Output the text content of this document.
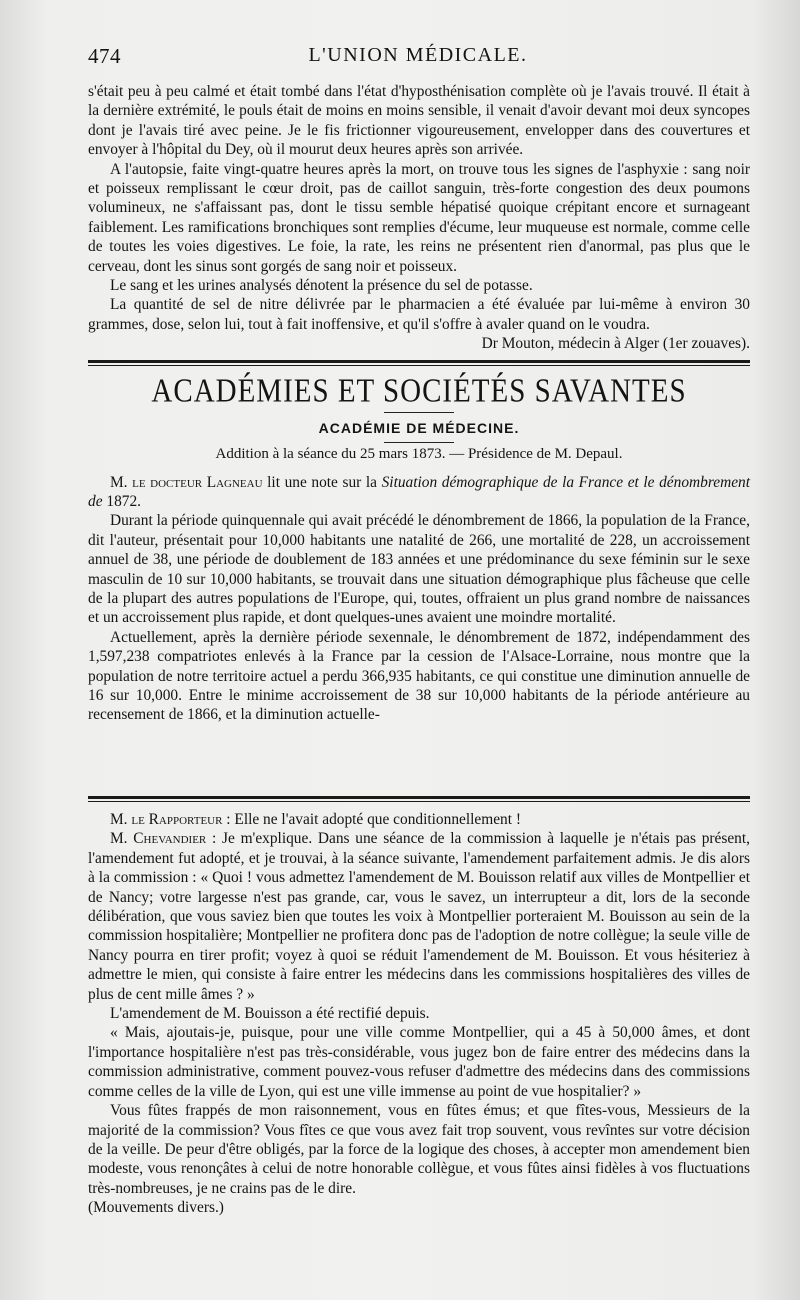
474	L'UNION MÉDICALE.

s'était peu à peu calmé et était tombé dans l'état d'hyposthénisation complète où je l'avais trouvé. Il était à la dernière extrémité, le pouls était de moins en moins sensible, il venait d'avoir devant moi deux syncopes dont je l'avais tiré avec peine. Je le fis frictionner vigoureusement, envelopper dans des couvertures et envoyer à l'hôpital du Dey, où il mourut deux heures après son arrivée.

A l'autopsie, faite vingt-quatre heures après la mort, on trouve tous les signes de l'asphyxie : sang noir et poisseux remplissant le cœur droit, pas de caillot sanguin, très-forte congestion des deux poumons volumineux, ne s'affaissant pas, dont le tissu semble hépatisé quoique crépitant encore et surnageant faiblement. Les ramifications bronchiques sont remplies d'écume, leur muqueuse est normale, comme celle de toutes les voies digestives. Le foie, la rate, les reins ne présentent rien d'anormal, pas plus que le cerveau, dont les sinus sont gorgés de sang noir et poisseux.

Le sang et les urines analysés dénotent la présence du sel de potasse.

La quantité de sel de nitre délivrée par le pharmacien a été évaluée par lui-même à environ 30 grammes, dose, selon lui, tout à fait inoffensive, et qu'il s'offre à avaler quand on le voudra.

Dr Mouton, médecin à Alger (1er zouaves).

ACADÉMIES ET SOCIÉTÉS SAVANTES
ACADÉMIE DE MÉDECINE.
Addition à la séance du 25 mars 1873. — Présidence de M. Depaul.

M. le docteur Lagneau lit une note sur la Situation démographique de la France et le dénombrement de 1872.

Durant la période quinquennale qui avait précédé le dénombrement de 1866, la population de la France, dit l'auteur, présentait pour 10,000 habitants une natalité de 266, une mortalité de 228, un accroissement annuel de 38, une période de doublement de 183 années et une prédominance du sexe féminin sur le sexe masculin de 10 sur 10,000 habitants, se trouvait dans une situation démographique plus fâcheuse que celle de la plupart des autres populations de l'Europe, qui, toutes, offraient un plus grand nombre de naissances et un accroissement plus rapide, et dont quelques-unes avaient une moindre mortalité.

Actuellement, après la dernière période sexennale, le dénombrement de 1872, indépendamment des 1,597,238 compatriotes enlevés à la France par la cession de l'Alsace-Lorraine, nous montre que la population de notre territoire actuel a perdu 366,935 habitants, ce qui constitue une diminution annuelle de 16 sur 10,000. Entre le minime accroissement de 38 sur 10,000 habitants de la période antérieure au recensement de 1866, et la diminution actuelle-

M. le Rapporteur : Elle ne l'avait adopté que conditionnellement !

M. Chevandier : Je m'explique. Dans une séance de la commission à laquelle je n'étais pas présent, l'amendement fut adopté, et je trouvai, à la séance suivante, l'amendement parfaitement admis. Je dis alors à la commission : « Quoi ! vous admettez l'amendement de M. Bouisson relatif aux villes de Montpellier et de Nancy; votre largesse n'est pas grande, car, vous le savez, un interrupteur a dit, lors de la seconde délibération, que vous saviez bien que toutes les voix à Montpellier porteraient M. Bouisson au sein de la commission hospitalière; Montpellier ne profitera donc pas de l'adoption de notre collègue; la seule ville de Nancy pourra en tirer profit; voyez à quoi se réduit l'amendement de M. Bouisson. Et vous hésiteriez à admettre le mien, qui consiste à faire entrer les médecins dans les commissions hospitalières des villes de plus de cent mille âmes ? »

L'amendement de M. Bouisson a été rectifié depuis.

« Mais, ajoutais-je, puisque, pour une ville comme Montpellier, qui a 45 à 50,000 âmes, et dont l'importance hospitalière n'est pas très-considérable, vous jugez bon de faire entrer des médecins dans la commission administrative, comment pouvez-vous refuser d'admettre des médecins dans des commissions comme celles de la ville de Lyon, qui est une ville immense au point de vue hospitalier? »

Vous fûtes frappés de mon raisonnement, vous en fûtes émus; et que fîtes-vous, Messieurs de la majorité de la commission? Vous fîtes ce que vous avez fait trop souvent, vous revîntes sur votre décision de la veille. De peur d'être obligés, par la force de la logique des choses, à accepter mon amendement bien modeste, vous renonçâtes à celui de notre honorable collègue, et vous fûtes ainsi fidèles à vos fluctuations très-nombreuses, je ne crains pas de le dire.

(Mouvements divers.)
